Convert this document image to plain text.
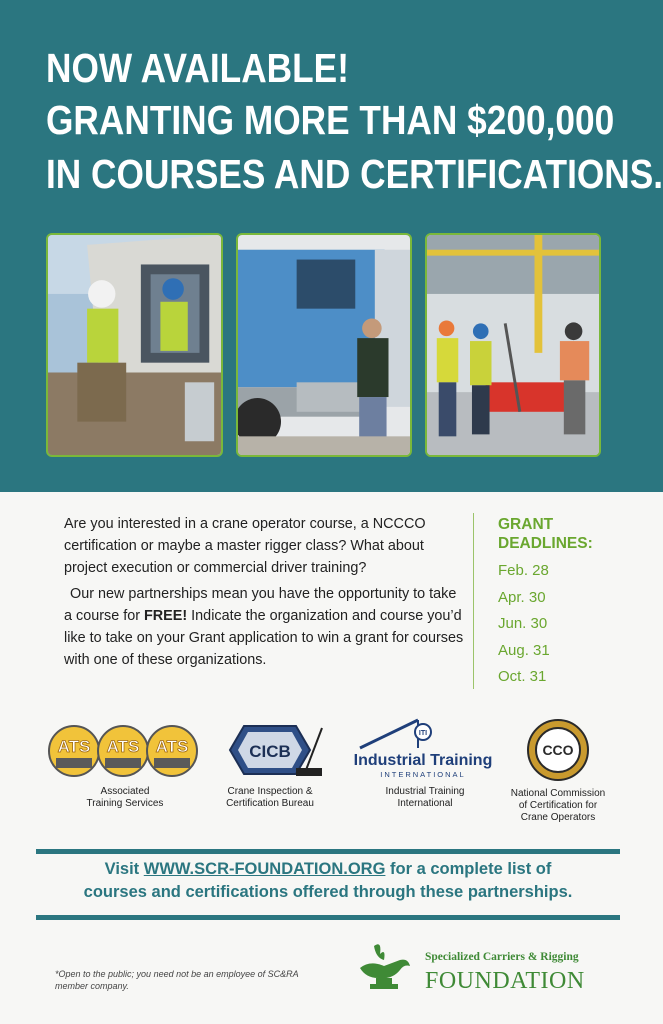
NOW AVAILABLE!
GRANTING MORE THAN $200,000
IN COURSES AND CERTIFICATIONS.

Are you interested in a crane operator course, a NCCCO certification or maybe a master rigger class? What about project execution or commercial driver training?

Our new partnerships mean you have the opportunity to take a course for FREE! Indicate the organization and course you’d like to take on your Grant application to win a grant for courses with one of these organizations.

GRANT
DEADLINES:
Feb. 28
Apr. 30
Jun. 30
Aug. 31
Oct. 31
ATS ATS ATS
Associated
Training Services
CICB
Crane Inspection &
Certification Bureau
ITI
Industrial Training
INTERNATIONAL
Industrial Training
International
CCO
National Commission
of Certification for
Crane Operators
Visit WWW.SCR-FOUNDATION.ORG for a complete list of
courses and certifications offered through these partnerships.
*Open to the public; you need not be an employee of SC&RA member company.
Specialized Carriers & Rigging
FOUNDATION
